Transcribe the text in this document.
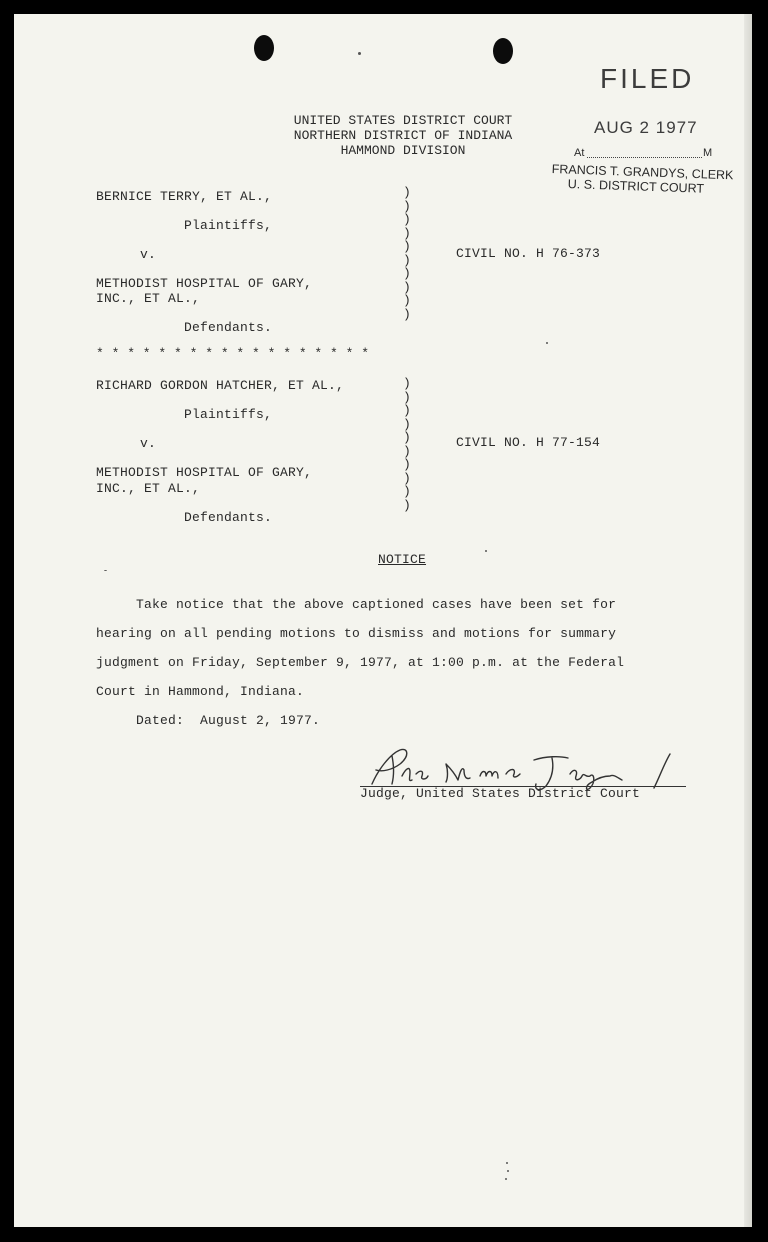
FILED
AUG 2 1977
At	M
FRANCIS T. GRANDYS, CLERK
U. S. DISTRICT COURT
UNITED STATES DISTRICT COURT
NORTHERN DISTRICT OF INDIANA
HAMMOND DIVISION
BERNICE TERRY, ET AL.,
Plaintiffs,
v.
METHODIST HOSPITAL OF GARY,
INC., ET AL.,
Defendants.
)
)
)
)
)
)
)
)
)
)
CIVIL NO. H 76-373
* * * * * * * * * * * * * * * * * *
RICHARD GORDON HATCHER, ET AL.,
Plaintiffs,
v.
METHODIST HOSPITAL OF GARY,
INC., ET AL.,
Defendants.
)
)
)
)
)
)
)
)
)
)
CIVIL NO. H 77-154
NOTICE
Take notice that the above captioned cases have been set for
hearing on all pending motions to dismiss and motions for summary
judgment on Friday, September 9, 1977, at 1:00 p.m. at the Federal
Court in Hammond, Indiana.
Dated:  August 2, 1977.
Judge, United States District Court
